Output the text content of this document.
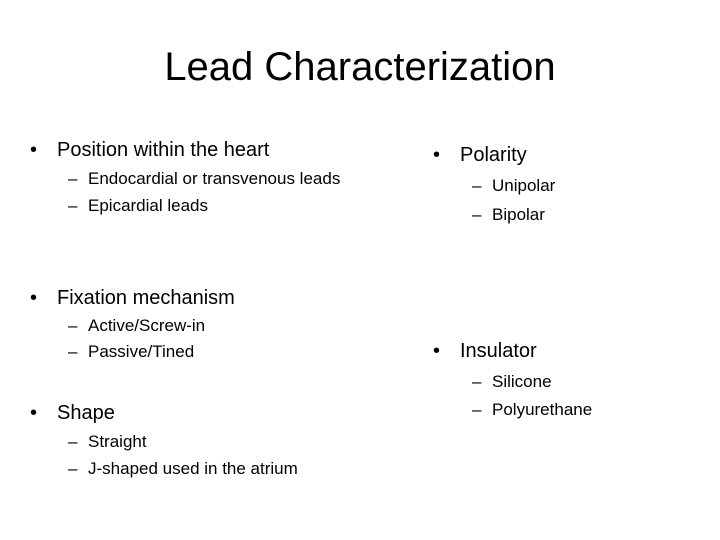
Lead Characterization
• Position within the heart
– Endocardial or transvenous leads
– Epicardial leads
• Fixation mechanism
– Active/Screw-in
– Passive/Tined
• Shape
– Straight
– J-shaped used in the atrium
• Polarity
– Unipolar
– Bipolar
• Insulator
– Silicone
– Polyurethane
